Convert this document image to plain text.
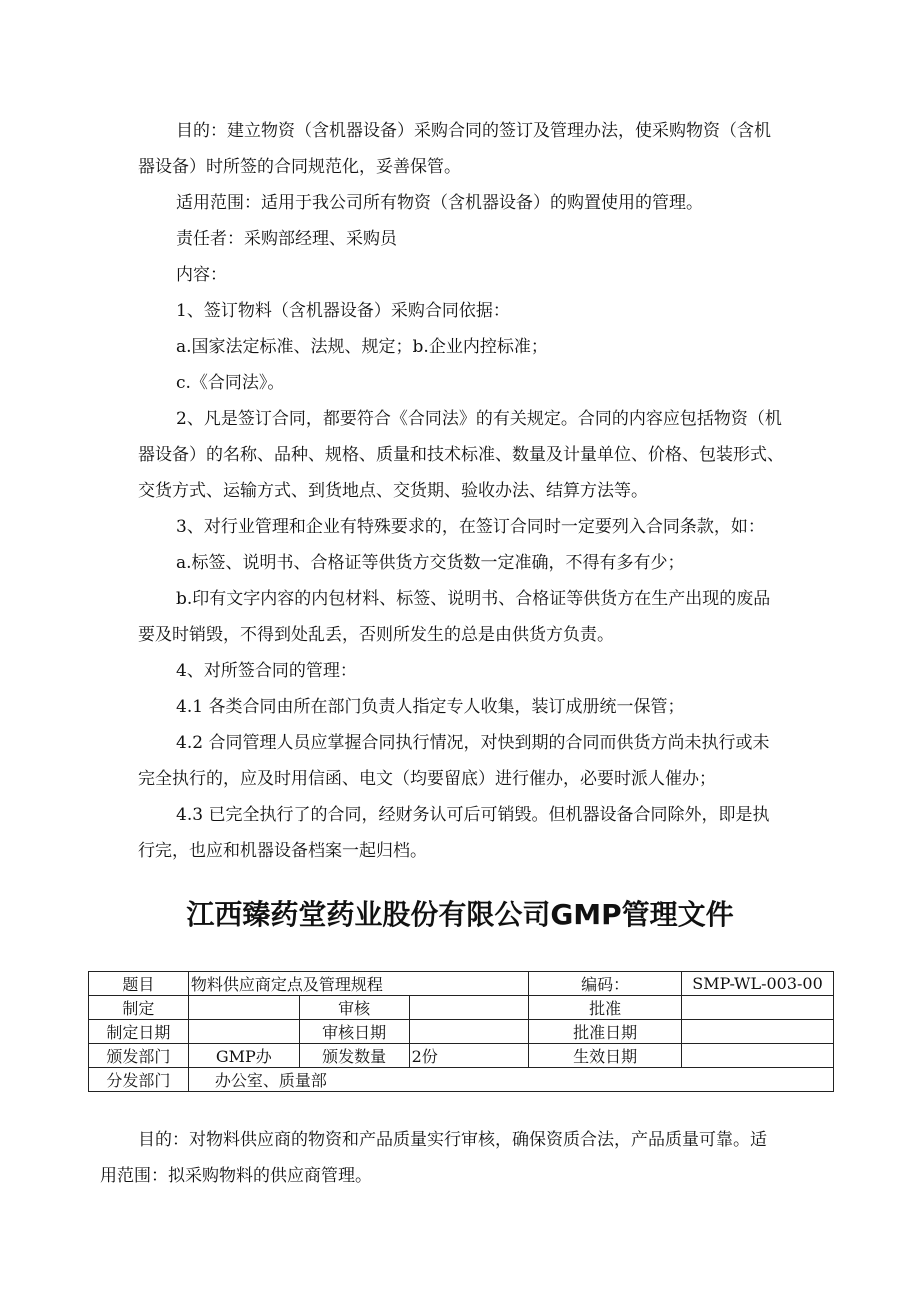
目的：建立物资（含机器设备）采购合同的签订及管理办法，使采购物资（含机
器设备）时所签的合同规范化，妥善保管。

适用范围：适用于我公司所有物资（含机器设备）的购置使用的管理。

责任者：采购部经理、采购员

内容：

1、签订物料（含机器设备）采购合同依据：

a.国家法定标准、法规、规定；b.企业内控标准；

c.《合同法》。

2、凡是签订合同，都要符合《合同法》的有关规定。合同的内容应包括物资（机
器设备）的名称、品种、规格、质量和技术标准、数量及计量单位、价格、包装形式、
交货方式、运输方式、到货地点、交货期、验收办法、结算方法等。

3、对行业管理和企业有特殊要求的，在签订合同时一定要列入合同条款，如：

a.标签、说明书、合格证等供货方交货数一定准确，不得有多有少；

b.印有文字内容的内包材料、标签、说明书、合格证等供货方在生产出现的废品
要及时销毁，不得到处乱丢，否则所发生的总是由供货方负责。

4、对所签合同的管理：

4.1 各类合同由所在部门负责人指定专人收集，装订成册统一保管；

4.2 合同管理人员应掌握合同执行情况，对快到期的合同而供货方尚未执行或未
完全执行的，应及时用信函、电文（均要留底）进行催办，必要时派人催办；

4.3 已完全执行了的合同，经财务认可后可销毁。但机器设备合同除外，即是执
行完，也应和机器设备档案一起归档。

江西臻药堂药业股份有限公司GMP管理文件
题目	物料供应商定点及管理规程			编码：	SMP-WL-003-00
制定		审核		批准	
制定日期		审核日期		批准日期	
颁发部门	GMP办	颁发数量	2份	生效日期	
分发部门	办公室、质量部				

目的：对物料供应商的物资和产品质量实行审核，确保资质合法，产品质量可靠。适
用范围：拟采购物料的供应商管理。
